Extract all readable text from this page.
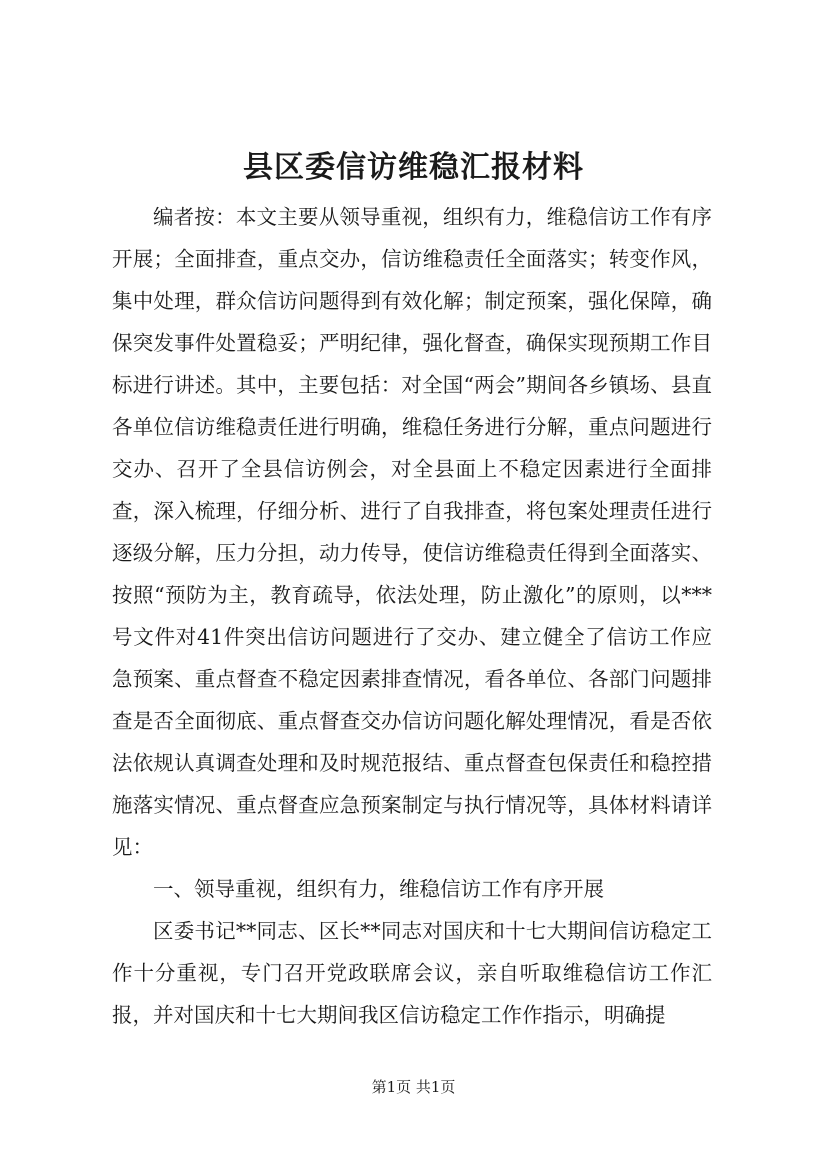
县区委信访维稳汇报材料

编者按：本文主要从领导重视，组织有力，维稳信访工作有序开展；全面排查，重点交办，信访维稳责任全面落实；转变作风，集中处理，群众信访问题得到有效化解；制定预案，强化保障，确保突发事件处置稳妥；严明纪律，强化督查，确保实现预期工作目标进行讲述。其中，主要包括：对全国“两会”期间各乡镇场、县直各单位信访维稳责任进行明确，维稳任务进行分解，重点问题进行交办、召开了全县信访例会，对全县面上不稳定因素进行全面排查，深入梳理，仔细分析、进行了自我排查，将包案处理责任进行逐级分解，压力分担，动力传导，使信访维稳责任得到全面落实、按照“预防为主，教育疏导，依法处理，防止激化”的原则，以***号文件对41件突出信访问题进行了交办、建立健全了信访工作应急预案、重点督查不稳定因素排查情况，看各单位、各部门问题排查是否全面彻底、重点督查交办信访问题化解处理情况，看是否依法依规认真调查处理和及时规范报结、重点督查包保责任和稳控措施落实情况、重点督查应急预案制定与执行情况等，具体材料请详见：

一、领导重视，组织有力，维稳信访工作有序开展

区委书记**同志、区长**同志对国庆和十七大期间信访稳定工作十分重视，专门召开党政联席会议，亲自听取维稳信访工作汇报，并对国庆和十七大期间我区信访稳定工作作指示，明确提

第1页 共1页
